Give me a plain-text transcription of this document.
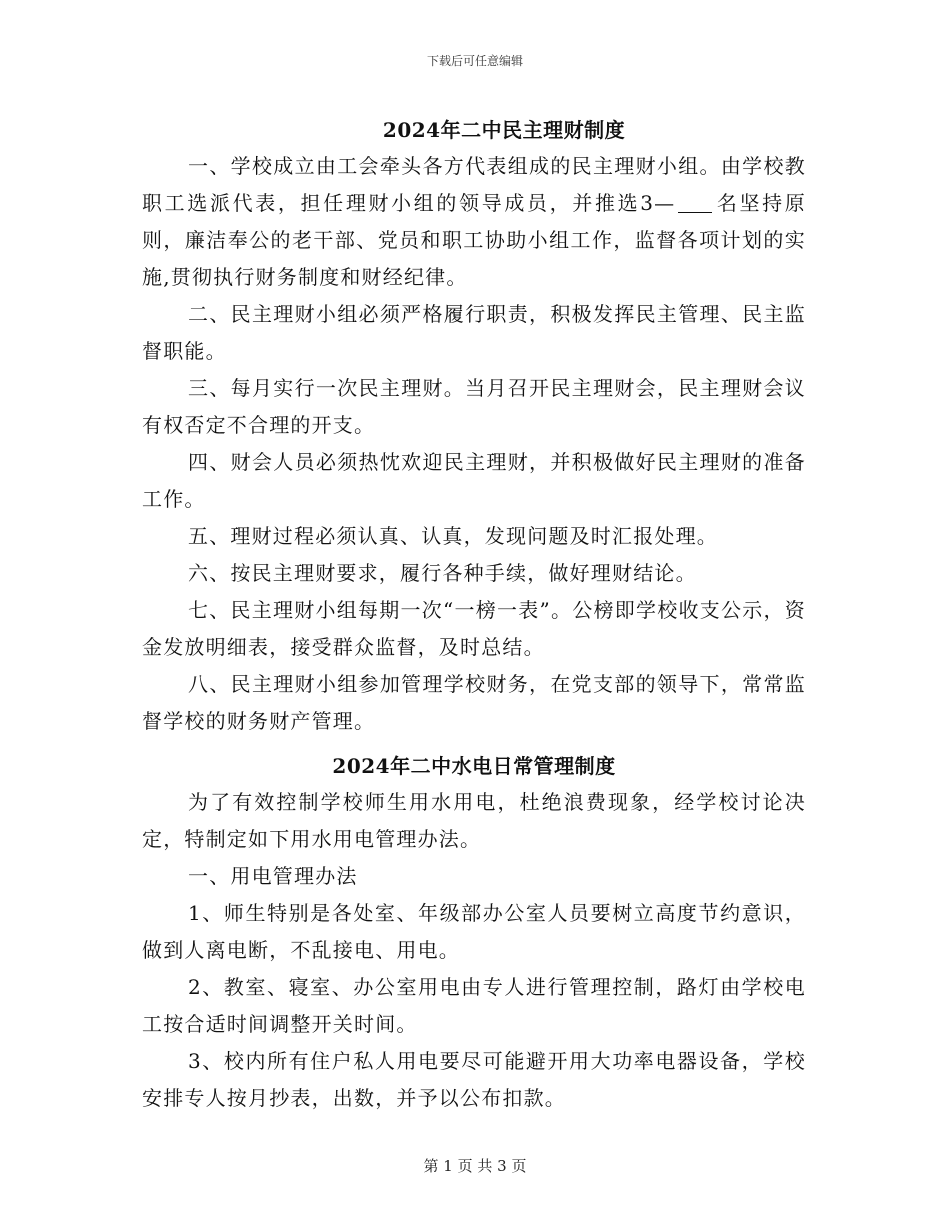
下载后可任意编辑
2024年二中民主理财制度

一、学校成立由工会牵头各方代表组成的民主理财小组。由学校教职工选派代表，担任理财小组的领导成员，并推选3— 名坚持原则，廉洁奉公的老干部、党员和职工协助小组工作，监督各项计划的实施,贯彻执行财务制度和财经纪律。

二、民主理财小组必须严格履行职责，积极发挥民主管理、民主监督职能。

三、每月实行一次民主理财。当月召开民主理财会，民主理财会议有权否定不合理的开支。

四、财会人员必须热忱欢迎民主理财，并积极做好民主理财的准备工作。

五、理财过程必须认真、认真，发现问题及时汇报处理。

六、按民主理财要求，履行各种手续，做好理财结论。

七、民主理财小组每期一次“一榜一表”。公榜即学校收支公示，资金发放明细表，接受群众监督，及时总结。

八、民主理财小组参加管理学校财务，在党支部的领导下，常常监督学校的财务财产管理。

2024年二中水电日常管理制度

为了有效控制学校师生用水用电，杜绝浪费现象，经学校讨论决定，特制定如下用水用电管理办法。

一、用电管理办法

1、师生特别是各处室、年级部办公室人员要树立高度节约意识，做到人离电断，不乱接电、用电。

2、教室、寝室、办公室用电由专人进行管理控制，路灯由学校电工按合适时间调整开关时间。

3、校内所有住户私人用电要尽可能避开用大功率电器设备，学校安排专人按月抄表，出数，并予以公布扣款。

第 1 页 共 3 页
